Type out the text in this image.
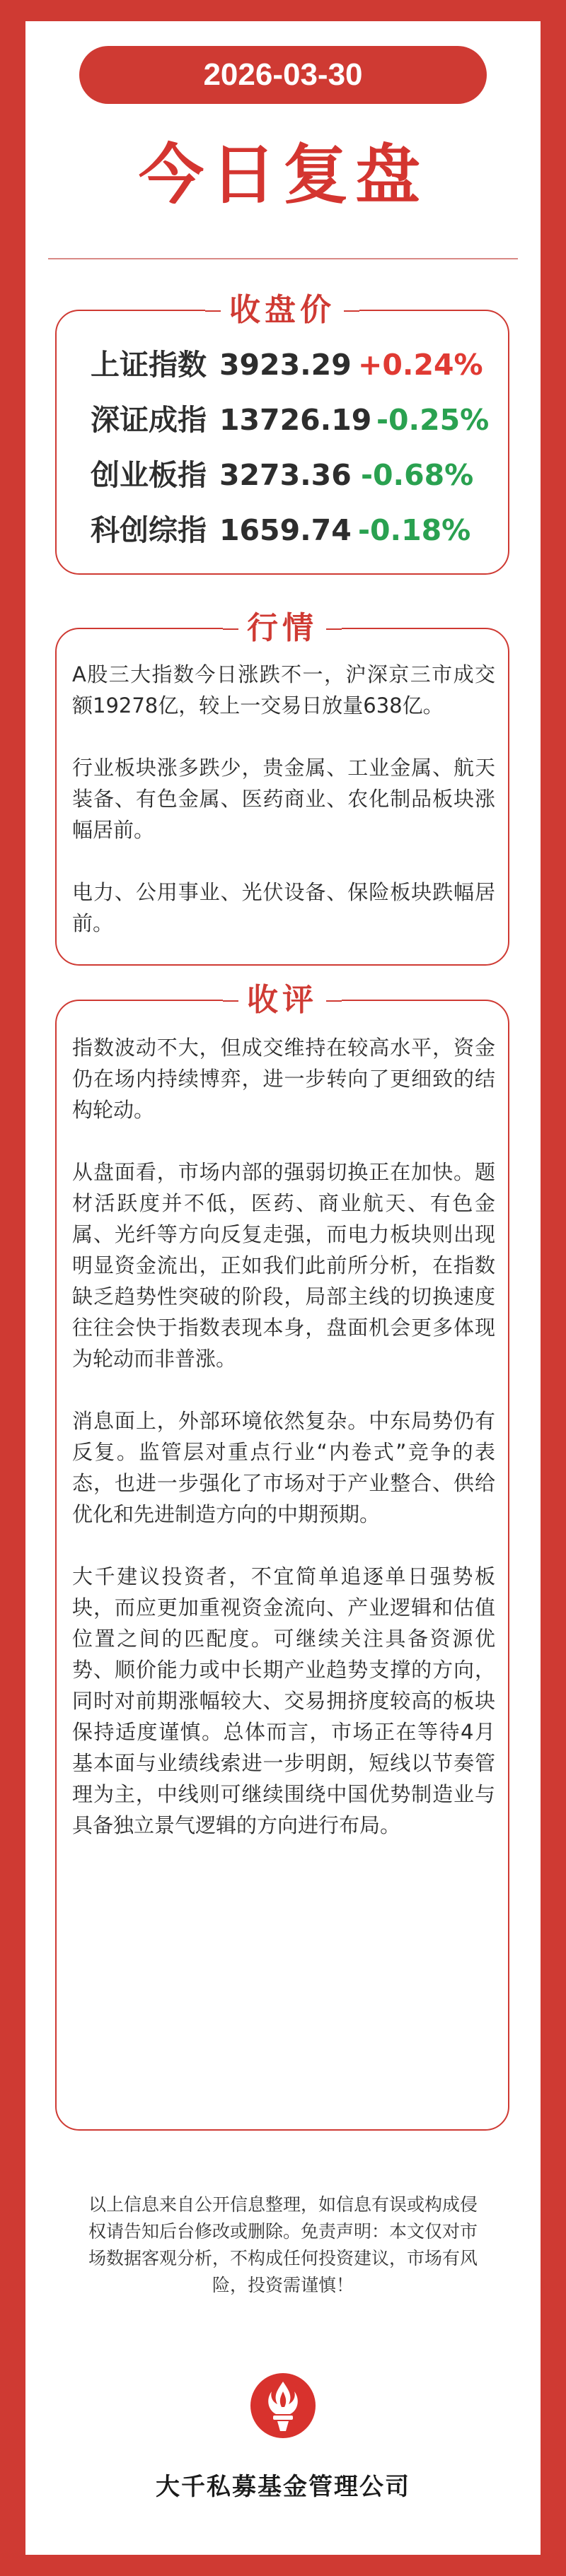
2026-03-30
今日复盘
收盘价
上证指数 3923.29 +0.24%
深证成指 13726.19 -0.25%
创业板指 3273.36 -0.68%
科创综指 1659.74 -0.18%
行情

A股三大指数今日涨跌不一，沪深京三市成交额19278亿，较上一交易日放量638亿。

行业板块涨多跌少，贵金属、工业金属、航天装备、有色金属、医药商业、农化制品板块涨幅居前。

电力、公用事业、光伏设备、保险板块跌幅居前。

收评

指数波动不大，但成交维持在较高水平，资金仍在场内持续博弈，进一步转向了更细致的结构轮动。

从盘面看，市场内部的强弱切换正在加快。题材活跃度并不低，医药、商业航天、有色金属、光纤等方向反复走强，而电力板块则出现明显资金流出，正如我们此前所分析，在指数缺乏趋势性突破的阶段，局部主线的切换速度往往会快于指数表现本身，盘面机会更多体现为轮动而非普涨。

消息面上，外部环境依然复杂。中东局势仍有反复。监管层对重点行业“内卷式”竞争的表态，也进一步强化了市场对于产业整合、供给优化和先进制造方向的中期预期。

大千建议投资者，不宜简单追逐单日强势板块，而应更加重视资金流向、产业逻辑和估值位置之间的匹配度。可继续关注具备资源优势、顺价能力或中长期产业趋势支撑的方向，同时对前期涨幅较大、交易拥挤度较高的板块保持适度谨慎。总体而言，市场正在等待4月基本面与业绩线索进一步明朗，短线以节奏管理为主，中线则可继续围绕中国优势制造业与具备独立景气逻辑的方向进行布局。

以上信息来自公开信息整理，如信息有误或构成侵权请告知后台修改或删除。免责声明：本文仅对市场数据客观分析，不构成任何投资建议，市场有风险，投资需谨慎！
大千私募基金管理公司
